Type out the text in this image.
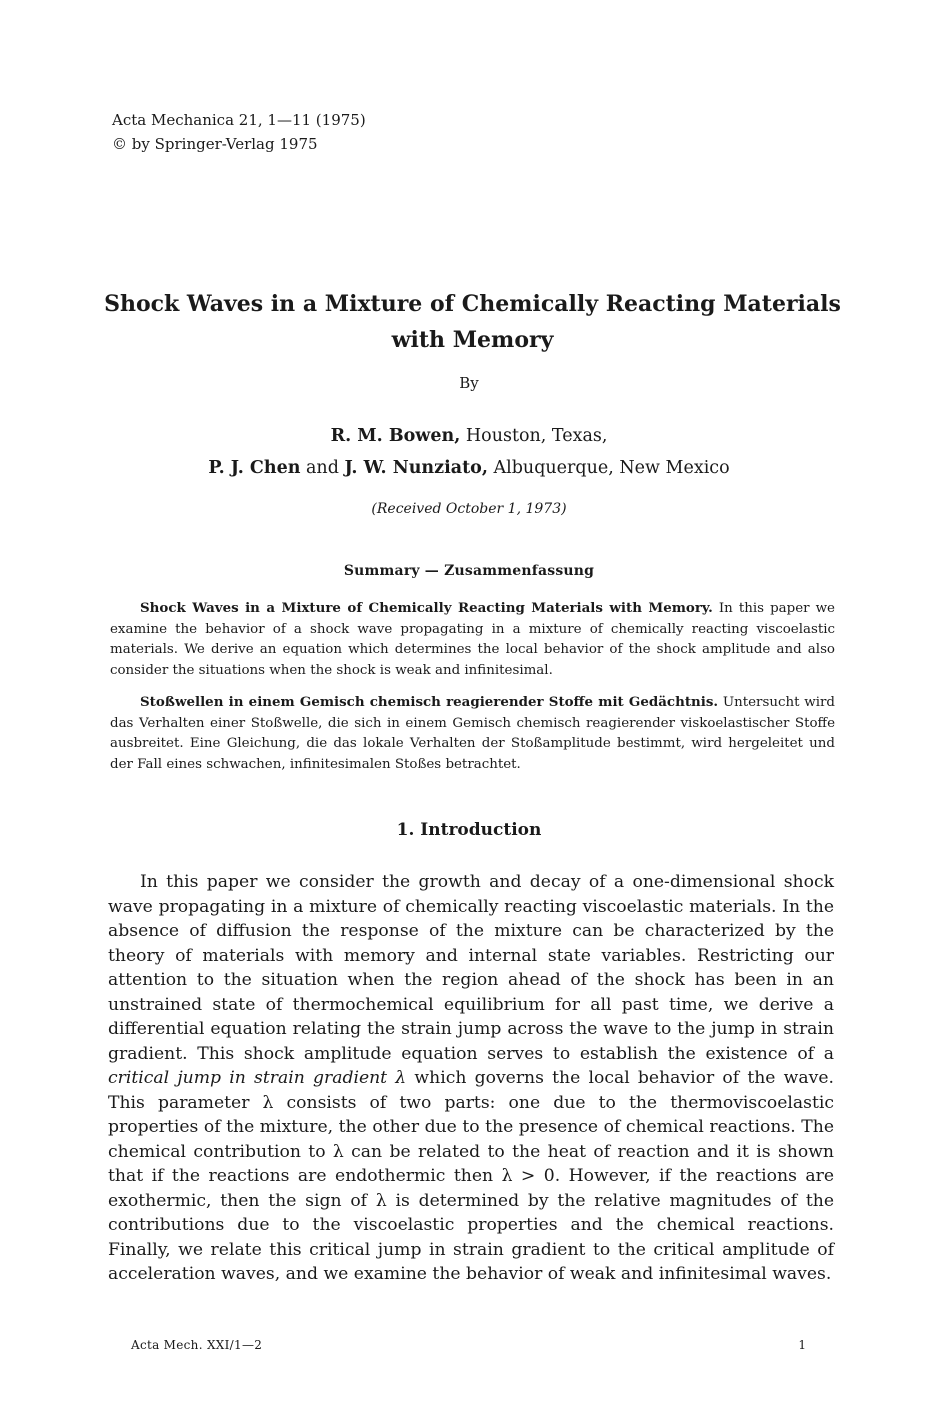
Acta Mechanica 21, 1—11 (1975)
© by Springer-Verlag 1975
Shock Waves in a Mixture of Chemically Reacting Materials
with Memory
By
R. M. Bowen, Houston, Texas,
P. J. Chen and J. W. Nunziato, Albuquerque, New Mexico
(Received October 1, 1973)
Summary — Zusammenfassung
Shock Waves in a Mixture of Chemically Reacting Materials with Memory. In this paper we examine the behavior of a shock wave propagating in a mixture of chemically reacting viscoelastic materials. We derive an equation which determines the local behavior of the shock amplitude and also consider the situations when the shock is weak and infinitesimal.
Stoßwellen in einem Gemisch chemisch reagierender Stoffe mit Gedächtnis. Untersucht wird das Verhalten einer Stoßwelle, die sich in einem Gemisch chemisch reagierender viskoelastischer Stoffe ausbreitet. Eine Gleichung, die das lokale Verhalten der Stoßamplitude bestimmt, wird hergeleitet und der Fall eines schwachen, infinitesimalen Stoßes betrachtet.
1. Introduction
In this paper we consider the growth and decay of a one-dimensional shock wave propagating in a mixture of chemically reacting viscoelastic materials. In the absence of diffusion the response of the mixture can be characterized by the theory of materials with memory and internal state variables. Restricting our attention to the situation when the region ahead of the shock has been in an unstrained state of thermochemical equilibrium for all past time, we derive a differential equation relating the strain jump across the wave to the jump in strain gradient. This shock amplitude equation serves to establish the existence of a critical jump in strain gradient λ which governs the local behavior of the wave. This parameter λ consists of two parts: one due to the thermoviscoelastic properties of the mixture, the other due to the presence of chemical reactions. The chemical contribution to λ can be related to the heat of reaction and it is shown that if the reactions are endothermic then λ > 0. However, if the reactions are exothermic, then the sign of λ is determined by the relative magnitudes of the contributions due to the viscoelastic properties and the chemical reactions. Finally, we relate this critical jump in strain gradient to the critical amplitude of acceleration waves, and we examine the behavior of weak and infinitesimal waves.
Acta Mech. XXI/1—2	1
